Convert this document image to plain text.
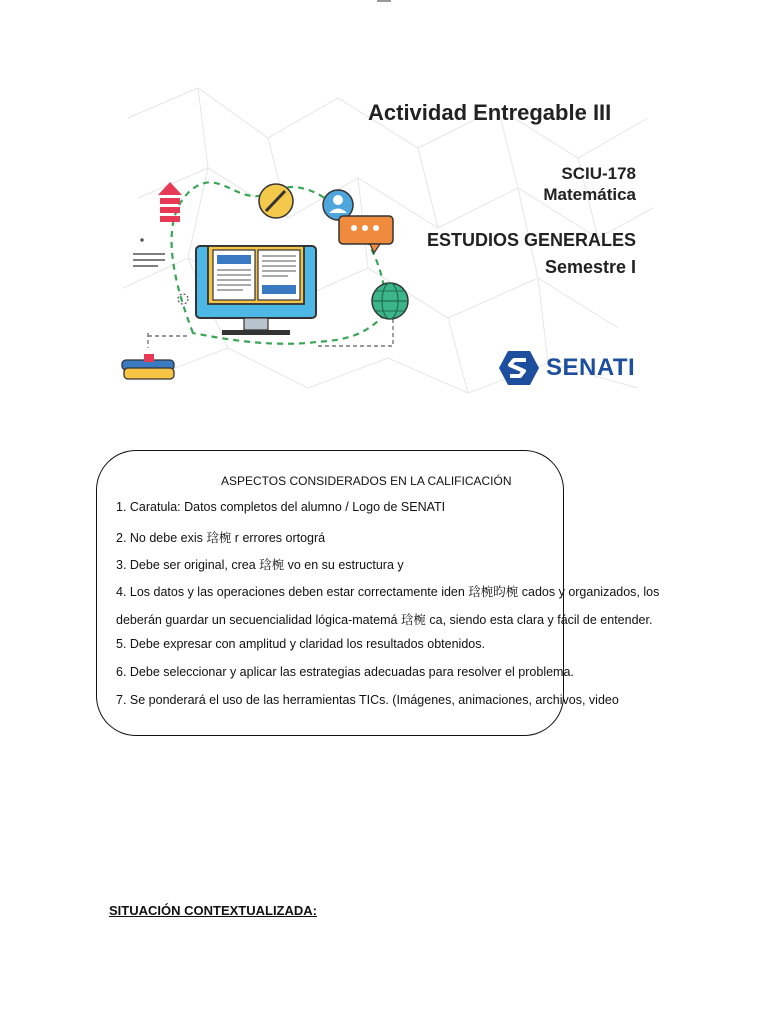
Actividad Entregable III
SCIU-178
Matemática
ESTUDIOS GENERALES
Semestre I
SENATI
ASPECTOS CONSIDERADOS EN LA CALIFICACIÓN
1. Caratula: Datos completos del alumno / Logo de SENATI
2. No debe exis 琀椀 r errores ortográ
3. Debe ser original, crea 琀椀 vo en su estructura y
4. Los datos y las operaciones deben estar correctamente iden 琀椀昀椀 cados y organizados, los
deberán guardar un secuencialidad lógica-matemá 琀椀 ca, siendo esta clara y fácil de entender.
5. Debe expresar con amplitud y claridad los resultados obtenidos.
6. Debe seleccionar y aplicar las estrategias adecuadas para resolver el problema.
7. Se ponderará el uso de las herramientas TICs. (Imágenes, animaciones, archivos, video
SITUACIÓN CONTEXTUALIZADA:
